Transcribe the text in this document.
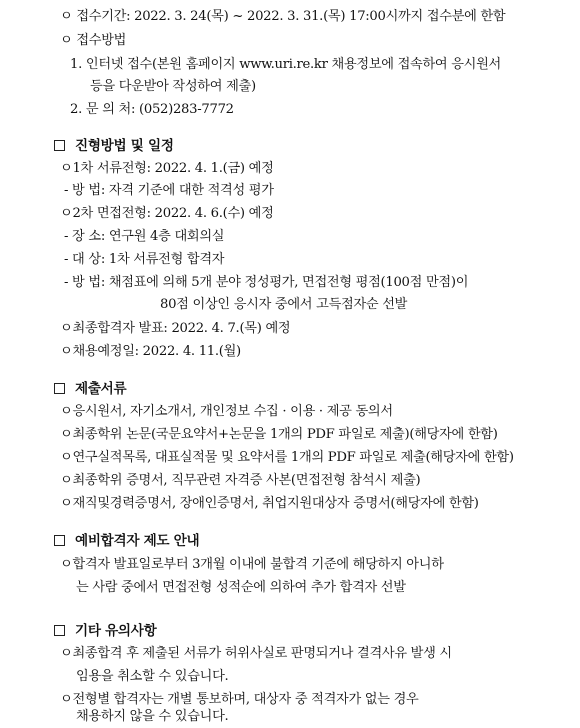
ㅇ 접수기간: 2022. 3. 24(목) ~ 2022. 3. 31.(목) 17:00시까지 접수분에 한함
ㅇ 접수방법
1. 인터넷 접수(본원 홈페이지 www.uri.re.kr 채용정보에 접속하여 응시원서
등을 다운받아 작성하여 제출)
2. 문 의 처: (052)283-7772
진형방법 및 일정
ㅇ1차 서류전형: 2022. 4. 1.(금) 예정
- 방 법: 자격 기준에 대한 적격성 평가
ㅇ2차 면접전형: 2022. 4. 6.(수) 예정
- 장 소: 연구원 4층 대회의실
- 대 상: 1차 서류전형 합격자
- 방 법: 채점표에 의해 5개 분야 정성평가, 면접전형 평점(100점 만점)이
80점 이상인 응시자 중에서 고득점자순 선발
ㅇ최종합격자 발표: 2022. 4. 7.(목) 예정
ㅇ채용예정일: 2022. 4. 11.(월)
제출서류
ㅇ응시원서, 자기소개서, 개인정보 수집 · 이용 · 제공 동의서
ㅇ최종학위 논문(국문요약서+논문을 1개의 PDF 파일로 제출)(해당자에 한함)
ㅇ연구실적목록, 대표실적물 및 요약서를 1개의 PDF 파일로 제출(해당자에 한함)
ㅇ최종학위 증명서, 직무관련 자격증 사본(면접전형 참석시 제출)
ㅇ재직및경력증명서, 장애인증명서, 취업지원대상자 증명서(해당자에 한함)
예비합격자 제도 안내
ㅇ합격자 발표일로부터 3개월 이내에 불합격 기준에 해당하지 아니하
는 사람 중에서 면접전형 성적순에 의하여 추가 합격자 선발
기타 유의사항
ㅇ최종합격 후 제출된 서류가 허위사실로 판명되거나 결격사유 발생 시
임용을 취소할 수 있습니다.
ㅇ전형별 합격자는 개별 통보하며, 대상자 중 적격자가 없는 경우
채용하지 않을 수 있습니다.
